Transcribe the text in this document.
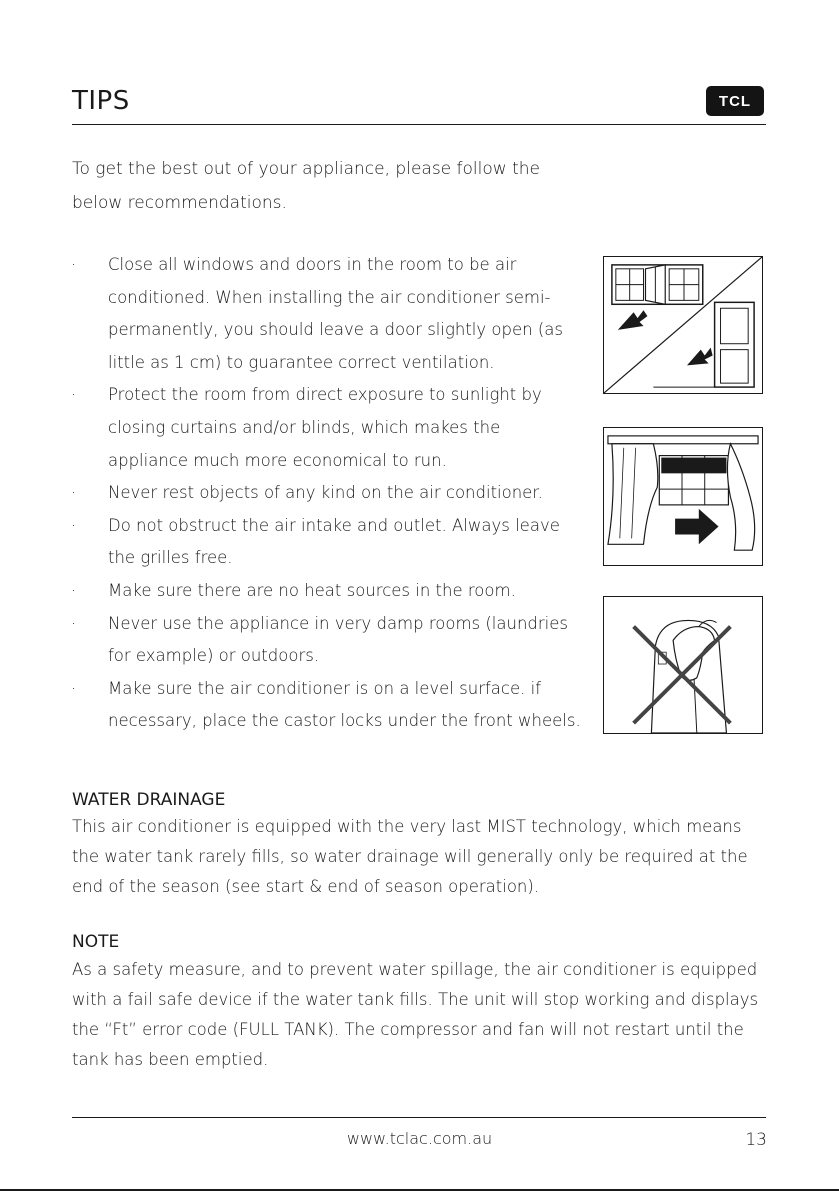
TIPS	TCL
To get the best out of your appliance, please follow the below recommendations.
· Close all windows and doors in the room to be air conditioned. When installing the air conditioner semi-permanently, you should leave a door slightly open (as little as 1 cm) to guarantee correct ventilation.
· Protect the room from direct exposure to sunlight by closing curtains and/or blinds, which makes the appliance much more economical to run.
· Never rest objects of any kind on the air conditioner.
· Do not obstruct the air intake and outlet. Always leave the grilles free.
· Make sure there are no heat sources in the room.
· Never use the appliance in very damp rooms (laundries for example) or outdoors.
· Make sure the air conditioner is on a level surface. if necessary, place the castor locks under the front wheels.
WATER DRAINAGE
This air conditioner is equipped with the very last MIST technology, which means the water tank rarely fills, so water drainage will generally only be required at the end of the season (see start & end of season operation).
NOTE
As a safety measure, and to prevent water spillage, the air conditioner is equipped with a fail safe device if the water tank fills. The unit will stop working and displays the “Ft” error code (FULL TANK). The compressor and fan will not restart until the tank has been emptied.
www.tclac.com.au	13
